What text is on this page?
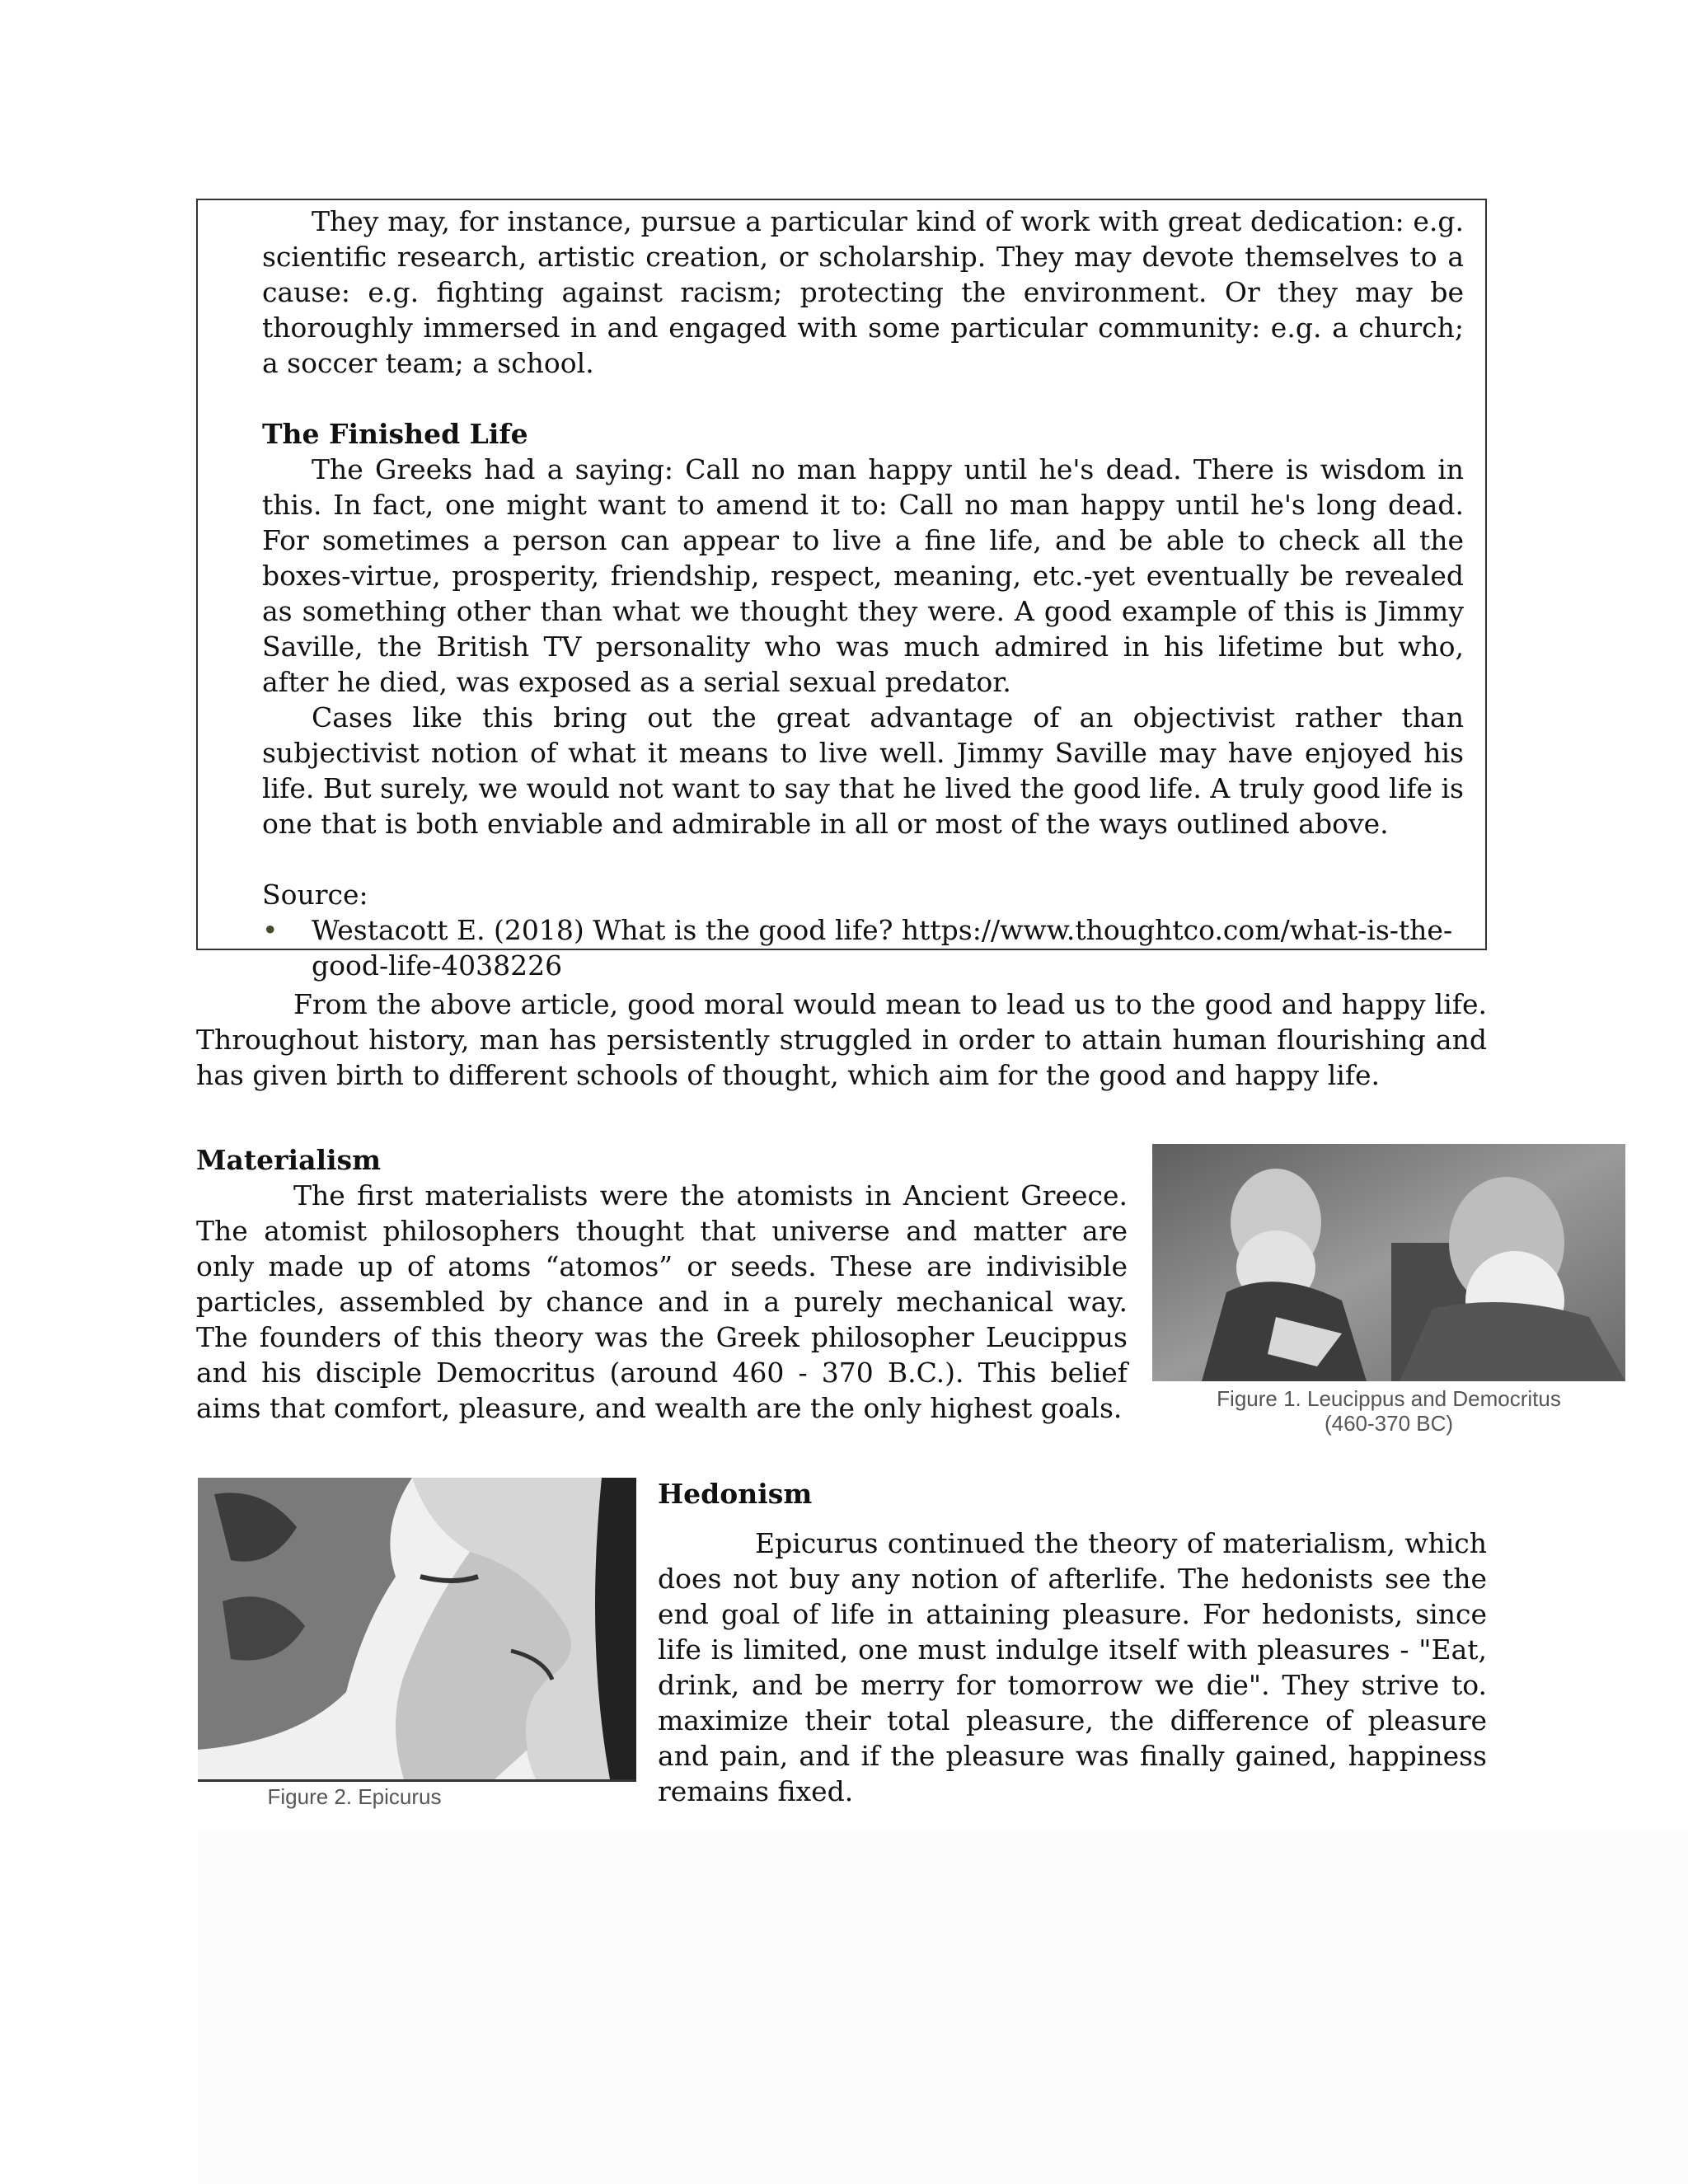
They may, for instance, pursue a particular kind of work with great dedication: e.g. scientific research, artistic creation, or scholarship. They may devote themselves to a cause: e.g. fighting against racism; protecting the environment. Or they may be thoroughly immersed in and engaged with some particular community: e.g. a church; a soccer team; a school.

The Finished Life

The Greeks had a saying: Call no man happy until he's dead. There is wisdom in this. In fact, one might want to amend it to: Call no man happy until he's long dead. For sometimes a person can appear to live a fine life, and be able to check all the boxes-virtue, prosperity, friendship, respect, meaning, etc.-yet eventually be revealed as something other than what we thought they were. A good example of this is Jimmy Saville, the British TV personality who was much admired in his lifetime but who, after he died, was exposed as a serial sexual predator.

Cases like this bring out the great advantage of an objectivist rather than subjectivist notion of what it means to live well. Jimmy Saville may have enjoyed his life. But surely, we would not want to say that he lived the good life. A truly good life is one that is both enviable and admirable in all or most of the ways outlined above.

Source:

• Westacott E. (2018) What is the good life? https://www.thoughtco.com/what-is-the-good-life-4038226

From the above article, good moral would mean to lead us to the good and happy life. Throughout history, man has persistently struggled in order to attain human flourishing and has given birth to different schools of thought, which aim for the good and happy life.

Materialism

The first materialists were the atomists in Ancient Greece. The atomist philosophers thought that universe and matter are only made up of atoms “atomos” or seeds. These are indivisible particles, assembled by chance and in a purely mechanical way. The founders of this theory was the Greek philosopher Leucippus and his disciple Democritus (around 460 - 370 B.C.). This belief aims that comfort, pleasure, and wealth are the only highest goals.	Figure 1. Leucippus and Democritus
(460-370 BC)
Figure 2. Epicurus

Hedonism

Epicurus continued the theory of materialism, which does not buy any notion of afterlife. The hedonists see the end goal of life in attaining pleasure. For hedonists, since life is limited, one must indulge itself with pleasures - "Eat, drink, and be merry for tomorrow we die". They strive to. maximize their total pleasure, the difference of pleasure and pain, and if the pleasure was finally gained, happiness remains fixed.
